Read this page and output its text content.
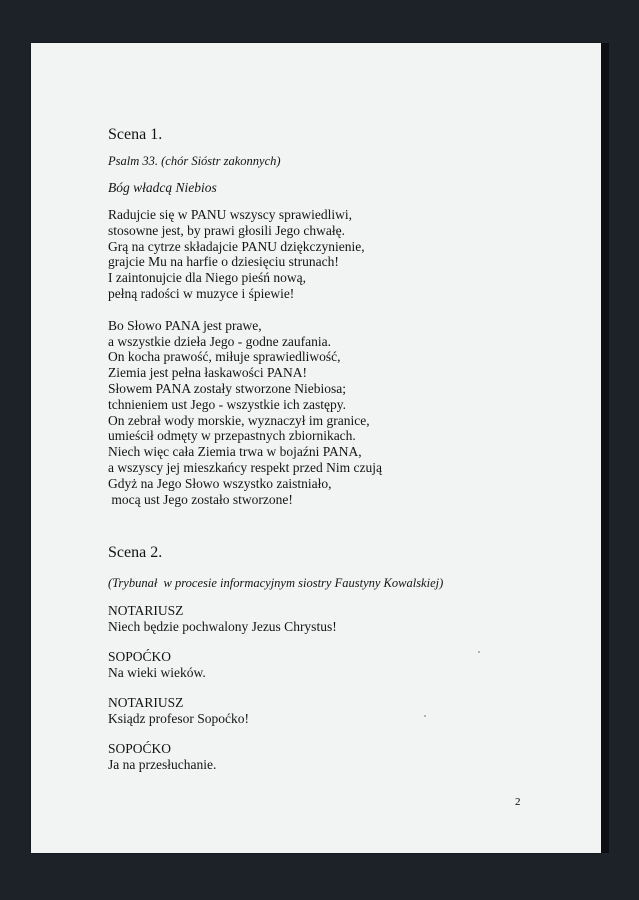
Scena 1.
Psalm 33. (chór Sióstr zakonnych)
Bóg władcą Niebios

Radujcie się w PANU wszyscy sprawiedliwi,

stosowne jest, by prawi głosili Jego chwałę.

Grą na cytrze składajcie PANU dziękczynienie,

grajcie Mu na harfie o dziesięciu strunach!

I zaintonujcie dla Niego pieśń nową,

pełną radości w muzyce i śpiewie!

Bo Słowo PANA jest prawe,

a wszystkie dzieła Jego - godne zaufania.

On kocha prawość, miłuje sprawiedliwość,

Ziemia jest pełna łaskawości PANA!

Słowem PANA zostały stworzone Niebiosa;

tchnieniem ust Jego - wszystkie ich zastępy.

On zebrał wody morskie, wyznaczył im granice,

umieścił odmęty w przepastnych zbiornikach.

Niech więc cała Ziemia trwa w bojaźni PANA,

a wszyscy jej mieszkańcy respekt przed Nim czują

Gdyż na Jego Słowo wszystko zaistniało,

mocą ust Jego zostało stworzone!

Scena 2.
(Trybunał  w procesie informacyjnym siostry Faustyny Kowalskiej)

NOTARIUSZ

Niech będzie pochwalony Jezus Chrystus!

SOPOĆKO

Na wieki wieków.

NOTARIUSZ

Ksiądz profesor Sopoćko!

SOPOĆKO

Ja na przesłuchanie.

2
